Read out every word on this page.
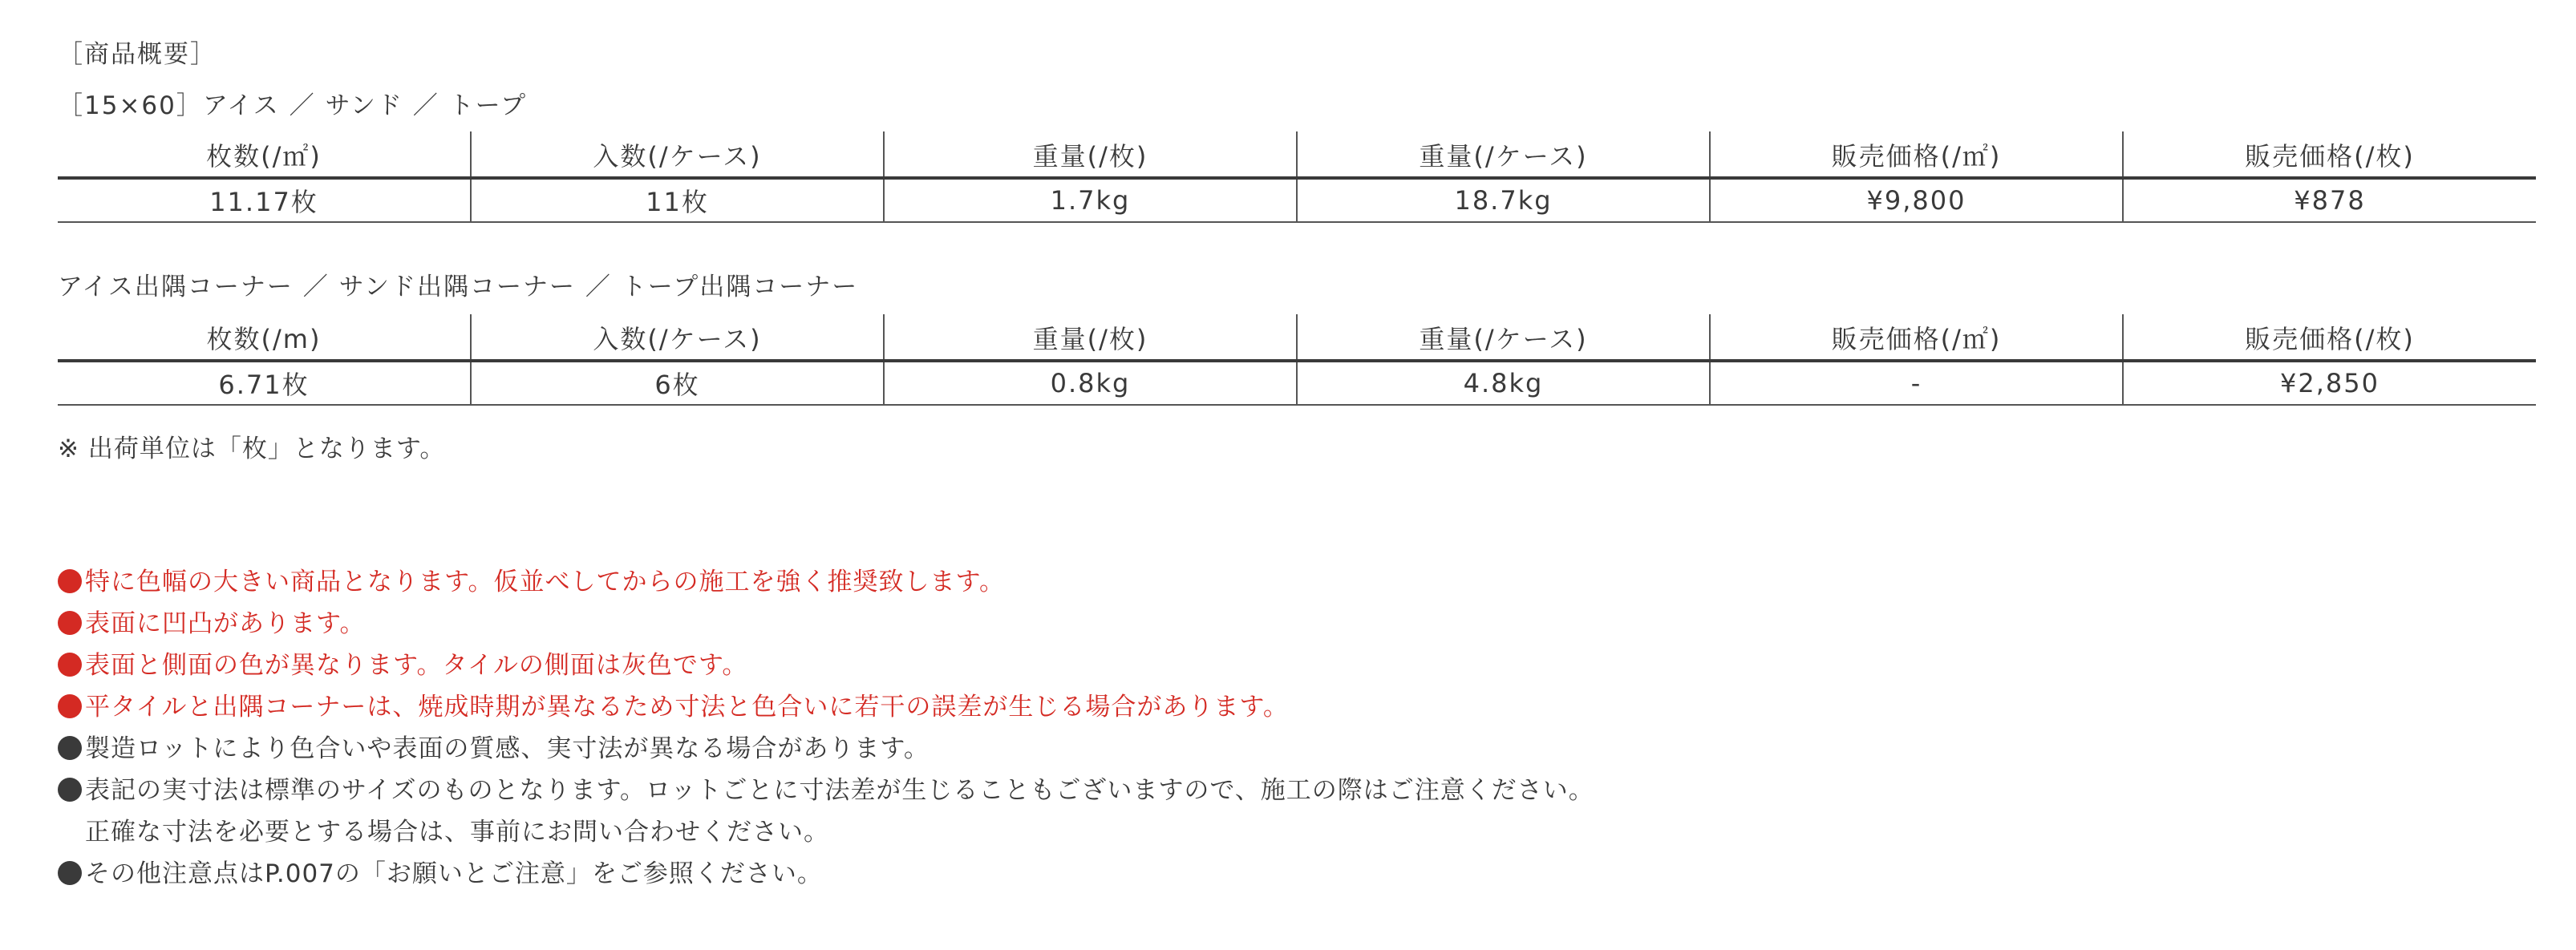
［商品概要］
［15×60］アイス ／ サンド ／ トープ
枚数(/㎡)	入数(/ケース)	重量(/枚)	重量(/ケース)	販売価格(/㎡)	販売価格(/枚)
11.17枚	11枚	1.7kg	18.7kg	¥9,800	¥878
アイス出隅コーナー ／ サンド出隅コーナー ／ トープ出隅コーナー
枚数(/m)	入数(/ケース)	重量(/枚)	重量(/ケース)	販売価格(/㎡)	販売価格(/枚)
6.71枚	6枚	0.8kg	4.8kg	-	¥2,850
※ 出荷単位は「枚」となります。
特に色幅の大きい商品となります。仮並べしてからの施工を強く推奨致します。
表面に凹凸があります。
表面と側面の色が異なります。タイルの側面は灰色です。
平タイルと出隅コーナーは、焼成時期が異なるため寸法と色合いに若干の誤差が生じる場合があります。
製造ロットにより色合いや表面の質感、実寸法が異なる場合があります。
表記の実寸法は標準のサイズのものとなります。ロットごとに寸法差が生じることもございますので、施工の際はご注意ください。
正確な寸法を必要とする場合は、事前にお問い合わせください。
その他注意点はP.007の「お願いとご注意」をご参照ください。
